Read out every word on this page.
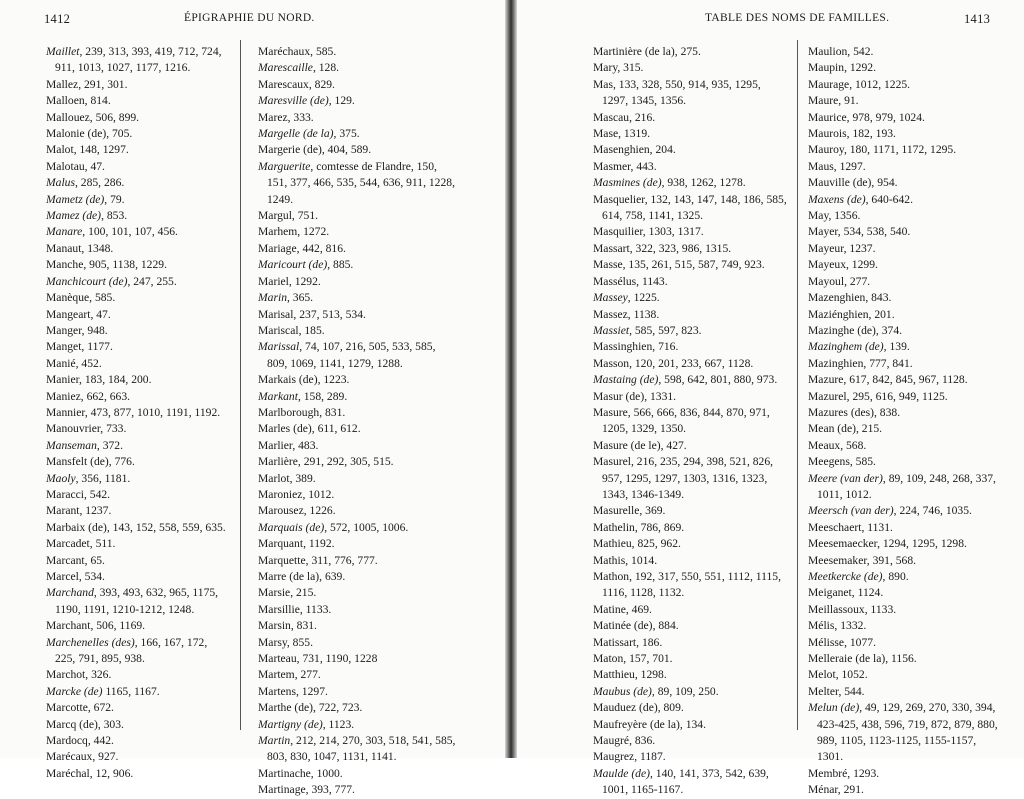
1412	ÉPIGRAPHIE DU NORD.

Maillet, 239, 313, 393, 419, 712, 724, 911, 1013, 1027, 1177, 1216.

Mallez, 291, 301.

Malloen, 814.

Mallouez, 506, 899.

Malonie (de), 705.

Malot, 148, 1297.

Malotau, 47.

Malus, 285, 286.

Mametz (de), 79.

Mamez (de), 853.

Manare, 100, 101, 107, 456.

Manaut, 1348.

Manche, 905, 1138, 1229.

Manchicourt (de), 247, 255.

Manèque, 585.

Mangeart, 47.

Manger, 948.

Manget, 1177.

Manié, 452.

Manier, 183, 184, 200.

Maniez, 662, 663.

Mannier, 473, 877, 1010, 1191, 1192.

Manouvrier, 733.

Manseman, 372.

Mansfelt (de), 776.

Maoly, 356, 1181.

Maracci, 542.

Marant, 1237.

Marbaix (de), 143, 152, 558, 559, 635.

Marcadet, 511.

Marcant, 65.

Marcel, 534.

Marchand, 393, 493, 632, 965, 1175, 1190, 1191, 1210-1212, 1248.

Marchant, 506, 1169.

Marchenelles (des), 166, 167, 172, 225, 791, 895, 938.

Marchot, 326.

Marcke (de) 1165, 1167.

Marcotte, 672.

Marcq (de), 303.

Mardocq, 442.

Marécaux, 927.

Maréchal, 12, 906.

Maréchaux, 585.

Marescaille, 128.

Marescaux, 829.

Maresville (de), 129.

Marez, 333.

Margelle (de la), 375.

Margerie (de), 404, 589.

Marguerite, comtesse de Flandre, 150, 151, 377, 466, 535, 544, 636, 911, 1228, 1249.

Margul, 751.

Marhem, 1272.

Mariage, 442, 816.

Maricourt (de), 885.

Mariel, 1292.

Marin, 365.

Marisal, 237, 513, 534.

Mariscal, 185.

Marissal, 74, 107, 216, 505, 533, 585, 809, 1069, 1141, 1279, 1288.

Markais (de), 1223.

Markant, 158, 289.

Marlborough, 831.

Marles (de), 611, 612.

Marlier, 483.

Marlière, 291, 292, 305, 515.

Marlot, 389.

Maroniez, 1012.

Marousez, 1226.

Marquais (de), 572, 1005, 1006.

Marquant, 1192.

Marquette, 311, 776, 777.

Marre (de la), 639.

Marsie, 215.

Marsillie, 1133.

Marsin, 831.

Marsy, 855.

Marteau, 731, 1190, 1228

Martem, 277.

Martens, 1297.

Marthe (de), 722, 723.

Martigny (de), 1123.

Martin, 212, 214, 270, 303, 518, 541, 585, 803, 830, 1047, 1131, 1141.

Martinache, 1000.

Martinage, 393, 777.

TABLE DES NOMS DE FAMILLES.	1413

Martinière (de la), 275.

Mary, 315.

Mas, 133, 328, 550, 914, 935, 1295, 1297, 1345, 1356.

Mascau, 216.

Mase, 1319.

Masenghien, 204.

Masmer, 443.

Masmines (de), 938, 1262, 1278.

Masquelier, 132, 143, 147, 148, 186, 585, 614, 758, 1141, 1325.

Masquilier, 1303, 1317.

Massart, 322, 323, 986, 1315.

Masse, 135, 261, 515, 587, 749, 923.

Massélus, 1143.

Massey, 1225.

Massez, 1138.

Massiet, 585, 597, 823.

Massinghien, 716.

Masson, 120, 201, 233, 667, 1128.

Mastaing (de), 598, 642, 801, 880, 973.

Masur (de), 1331.

Masure, 566, 666, 836, 844, 870, 971, 1205, 1329, 1350.

Masure (de le), 427.

Masurel, 216, 235, 294, 398, 521, 826, 957, 1295, 1297, 1303, 1316, 1323, 1343, 1346-1349.

Masurelle, 369.

Mathelin, 786, 869.

Mathieu, 825, 962.

Mathis, 1014.

Mathon, 192, 317, 550, 551, 1112, 1115, 1116, 1128, 1132.

Matine, 469.

Matinée (de), 884.

Matissart, 186.

Maton, 157, 701.

Matthieu, 1298.

Maubus (de), 89, 109, 250.

Mauduez (de), 809.

Maufreyère (de la), 134.

Maugré, 836.

Maugrez, 1187.

Maulde (de), 140, 141, 373, 542, 639, 1001, 1165-1167.

Maulion, 542.

Maupin, 1292.

Maurage, 1012, 1225.

Maure, 91.

Maurice, 978, 979, 1024.

Maurois, 182, 193.

Mauroy, 180, 1171, 1172, 1295.

Maus, 1297.

Mauville (de), 954.

Maxens (de), 640-642.

May, 1356.

Mayer, 534, 538, 540.

Mayeur, 1237.

Mayeux, 1299.

Mayoul, 277.

Mazenghien, 843.

Maziénghien, 201.

Mazinghe (de), 374.

Mazinghem (de), 139.

Mazinghien, 777, 841.

Mazure, 617, 842, 845, 967, 1128.

Mazurel, 295, 616, 949, 1125.

Mazures (des), 838.

Mean (de), 215.

Meaux, 568.

Meegens, 585.

Meere (van der), 89, 109, 248, 268, 337, 1011, 1012.

Meersch (van der), 224, 746, 1035.

Meeschaert, 1131.

Meesemaecker, 1294, 1295, 1298.

Meesemaker, 391, 568.

Meetkercke (de), 890.

Meiganet, 1124.

Meillassoux, 1133.

Mélis, 1332.

Mélisse, 1077.

Melleraie (de la), 1156.

Melot, 1052.

Melter, 544.

Melun (de), 49, 129, 269, 270, 330, 394, 423-425, 438, 596, 719, 872, 879, 880, 989, 1105, 1123-1125, 1155-1157, 1301.

Membré, 1293.

Ménar, 291.
